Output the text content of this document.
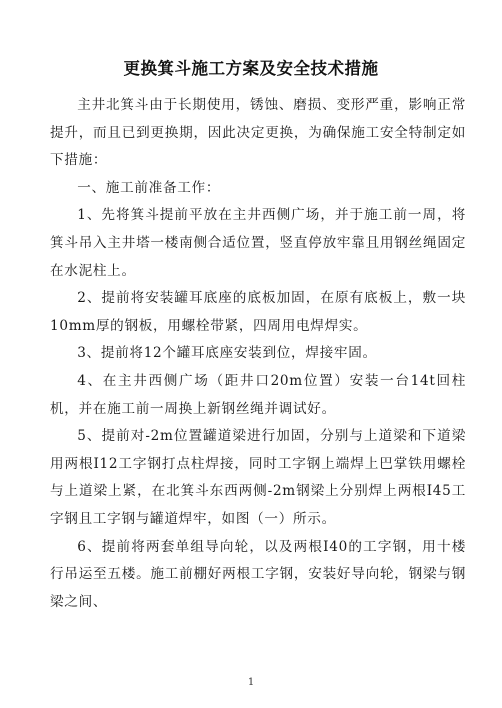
更换箕斗施工方案及安全技术措施

主井北箕斗由于长期使用，锈蚀、磨损、变形严重，影响正常提升，而且已到更换期，因此决定更换，为确保施工安全特制定如下措施：

一、施工前准备工作：

1、先将箕斗提前平放在主井西侧广场，并于施工前一周，将箕斗吊入主井塔一楼南侧合适位置，竖直停放牢靠且用钢丝绳固定在水泥柱上。

2、提前将安装罐耳底座的底板加固，在原有底板上，敷一块10mm厚的钢板，用螺栓带紧，四周用电焊焊实。

3、提前将12个罐耳底座安装到位，焊接牢固。

4、在主井西侧广场（距井口20m位置）安装一台14t回柱机，并在施工前一周换上新钢丝绳并调试好。

5、提前对-2m位置罐道梁进行加固，分别与上道梁和下道梁用两根I12工字钢打点柱焊接，同时工字钢上端焊上巴掌铁用螺栓与上道梁上紧，在北箕斗东西两侧-2m钢梁上分别焊上两根I45工字钢且工字钢与罐道焊牢，如图（一）所示。

6、提前将两套单组导向轮，以及两根I40的工字钢，用十楼行吊运至五楼。施工前棚好两根工字钢，安装好导向轮，钢梁与钢梁之间、

1
